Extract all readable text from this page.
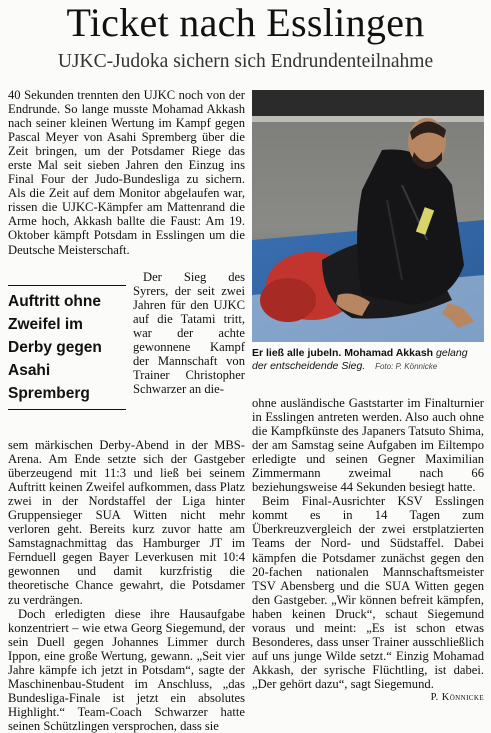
Ticket nach Esslingen
UJKC-Judoka sichern sich Endrundenteilnahme

40 Sekunden trennten den UJKC noch von der Endrunde. So lange musste Mohamad Akkash nach seiner kleinen Wertung im Kampf gegen Pascal Meyer von Asahi Spremberg über die Zeit bringen, um der Potsdamer Riege das erste Mal seit sieben Jahren den Einzug ins Final Four der Judo-Bundesliga zu sichern. Als die Zeit auf dem Monitor abgelaufen war, rissen die UJKC-Kämpfer am Mattenrand die Arme hoch, Akkash ballte die Faust: Am 19. Oktober kämpft Potsdam in Esslingen um die Deutsche Meisterschaft.

Auftritt ohne Zweifel im Derby gegen Asahi Spremberg

Der Sieg des Syrers, der seit zwei Jahren für den UJKC auf die Tatami tritt, war der achte gewonnene Kampf der Mannschaft von Trainer Christopher Schwarzer an die-

sem märkischen Derby-Abend in der MBS-Arena. Am Ende setzte sich der Gastgeber überzeugend mit 11:3 und ließ bei seinem Auftritt keinen Zweifel aufkommen, dass Platz zwei in der Nordstaffel der Liga hinter Gruppensieger SUA Witten nicht mehr verloren geht. Bereits kurz zuvor hatte am Samstagnachmittag das Hamburger JT im Fernduell gegen Bayer Leverkusen mit 10:4 gewonnen und damit kurzfristig die theoretische Chance gewahrt, die Potsdamer zu verdrängen.

Doch erledigten diese ihre Hausaufgabe konzentriert – wie etwa Georg Siegemund, der sein Duell gegen Johannes Limmer durch Ippon, eine große Wertung, gewann. „Seit vier Jahre kämpfe ich jetzt in Potsdam“, sagte der Maschinenbau-Student im Anschluss, „das Bundesliga-Finale ist jetzt ein absolutes Highlight.“ Team-Coach Schwarzer hatte seinen Schützlingen versprochen, dass sie

Er ließ alle jubeln. Mohamad Akkash gelang der entscheidende Sieg. Foto: P. Könnicke

ohne ausländische Gaststarter im Finalturnier in Esslingen antreten werden. Also auch ohne die Kampfkünste des Japaners Tatsuto Shima, der am Samstag seine Aufgaben im Eiltempo erledigte und seinen Gegner Maximilian Zimmermann zweimal nach 66 beziehungsweise 44 Sekunden besiegt hatte.

Beim Final-Ausrichter KSV Esslingen kommt es in 14 Tagen zum Überkreuzvergleich der zwei erstplatzierten Teams der Nord- und Südstaffel. Dabei kämpfen die Potsdamer zunächst gegen den 20-fachen nationalen Mannschaftsmeister TSV Abensberg und die SUA Witten gegen den Gastgeber. „Wir können befreit kämpfen, haben keinen Druck“, schaut Siegemund voraus und meint: „Es ist schon etwas Besonderes, dass unser Trainer ausschließlich auf uns junge Wilde setzt.“ Einzig Mohamad Akkash, der syrische Flüchtling, ist dabei. „Der gehört dazu“, sagt Siegemund.
P. Könnicke
